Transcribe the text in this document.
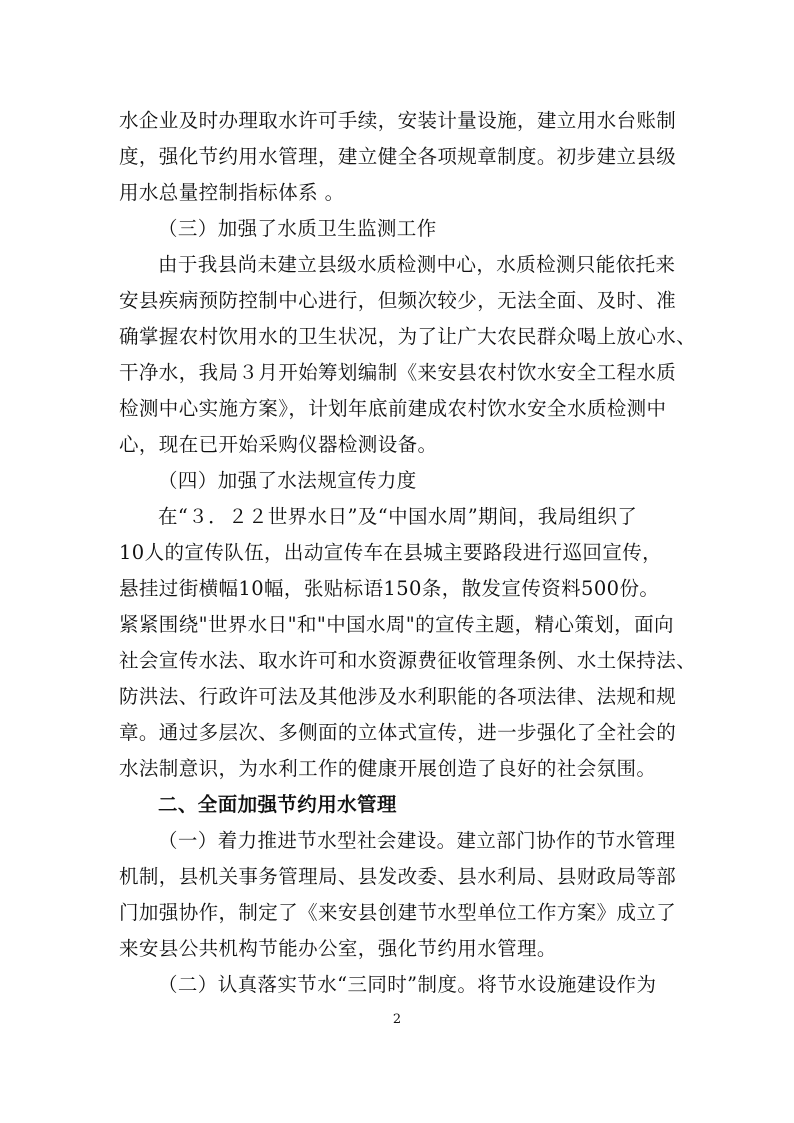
水企业及时办理取水许可手续，安装计量设施，建立用水台账制
度，强化节约用水管理，建立健全各项规章制度。初步建立县级
用水总量控制指标体系 。
（三）加强了水质卫生监测工作
由于我县尚未建立县级水质检测中心，水质检测只能依托来
安县疾病预防控制中心进行，但频次较少，无法全面、及时、准
确掌握农村饮用水的卫生状况，为了让广大农民群众喝上放心水、
干净水，我局３月开始筹划编制《来安县农村饮水安全工程水质
检测中心实施方案》，计划年底前建成农村饮水安全水质检测中
心，现在已开始采购仪器检测设备。
（四）加强了水法规宣传力度
在“３．２２世界水日”及“中国水周”期间，我局组织了
10人的宣传队伍，出动宣传车在县城主要路段进行巡回宣传，
悬挂过街横幅10幅，张贴标语150条，散发宣传资料500份。
紧紧围绕"世界水日"和"中国水周"的宣传主题，精心策划，面向
社会宣传水法、取水许可和水资源费征收管理条例、水土保持法、
防洪法、行政许可法及其他涉及水利职能的各项法律、法规和规
章。通过多层次、多侧面的立体式宣传，进一步强化了全社会的
水法制意识，为水利工作的健康开展创造了良好的社会氛围。
二、全面加强节约用水管理
（一）着力推进节水型社会建设。建立部门协作的节水管理
机制，县机关事务管理局、县发改委、县水利局、县财政局等部
门加强协作，制定了《来安县创建节水型单位工作方案》成立了
来安县公共机构节能办公室，强化节约用水管理。
（二）认真落实节水“三同时”制度。将节水设施建设作为
2
